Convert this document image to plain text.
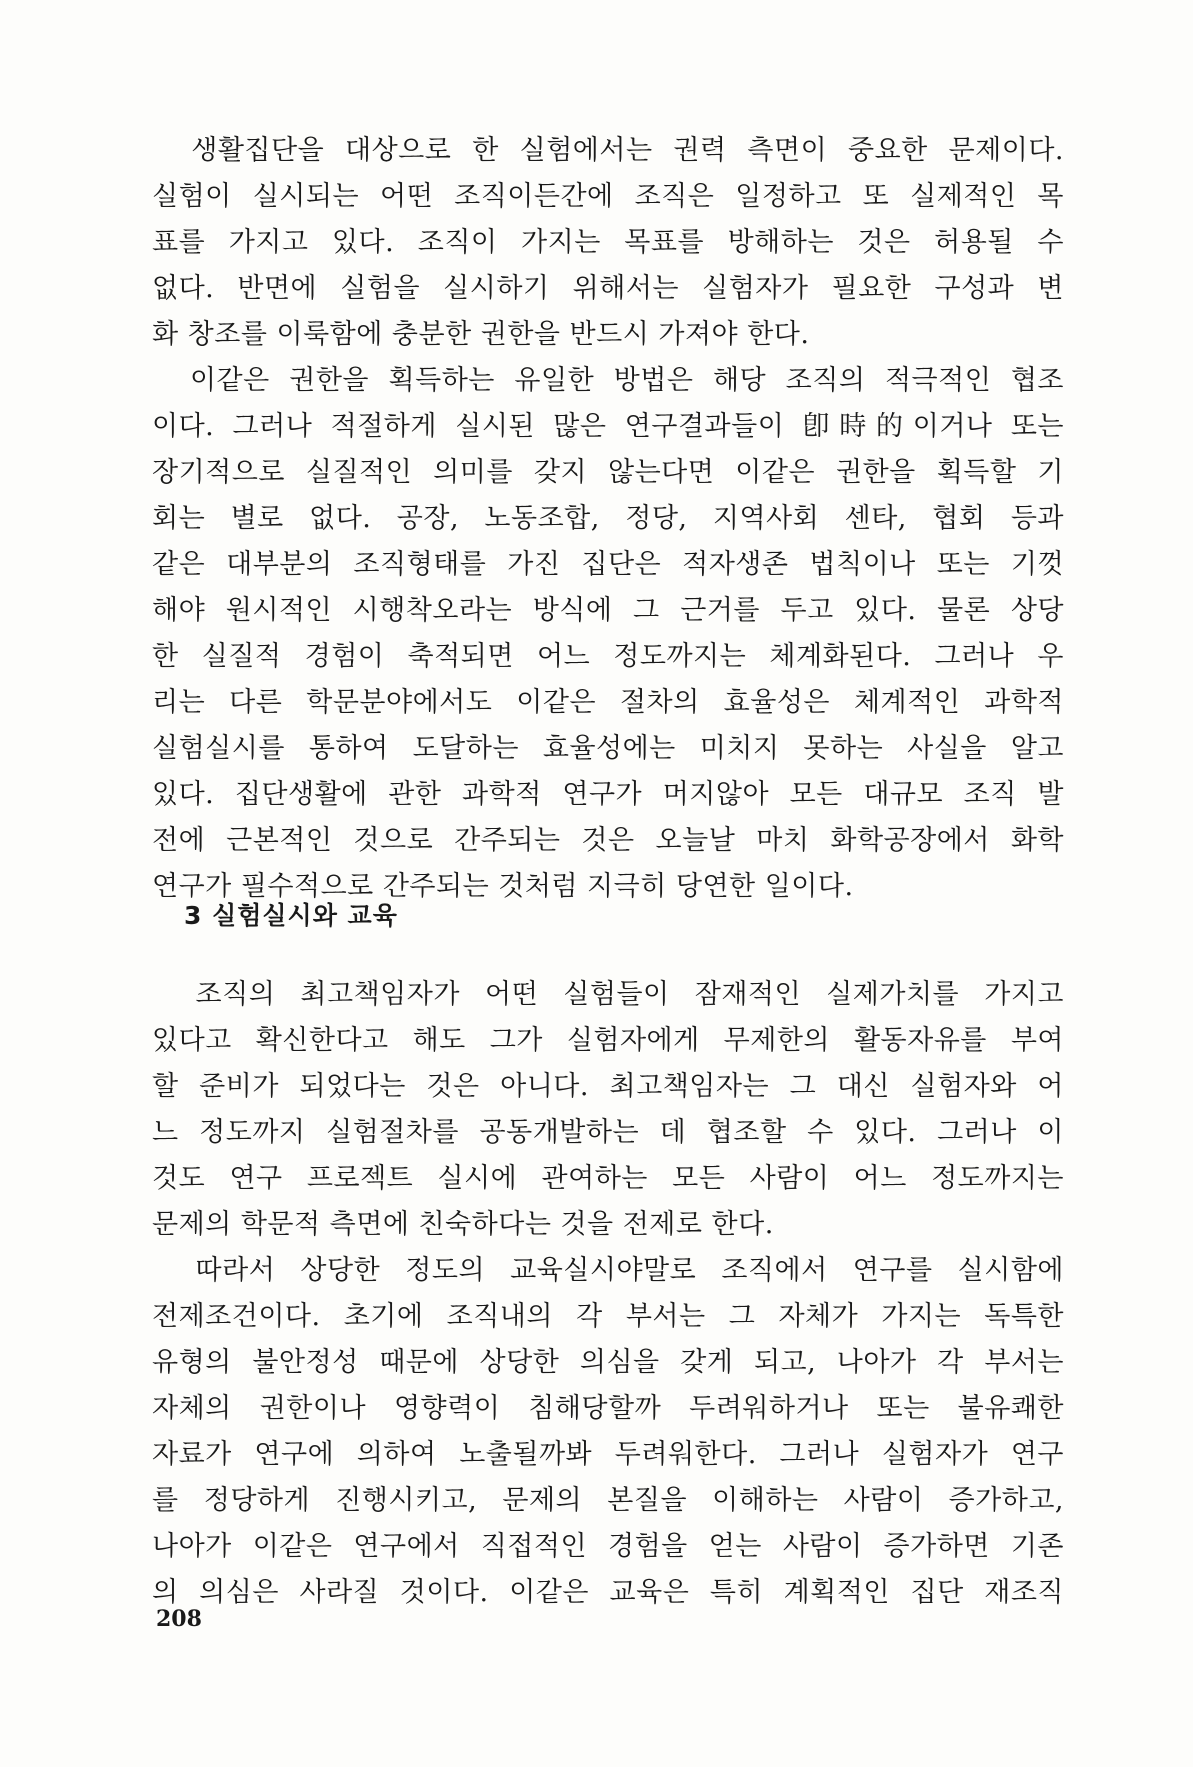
　생활집단을 대상으로 한 실험에서는 권력 측면이 중요한 문제이다.
실험이 실시되는 어떤 조직이든간에 조직은 일정하고 또 실제적인 목
표를 가지고 있다. 조직이 가지는 목표를 방해하는 것은 허용될 수
없다. 반면에 실험을 실시하기 위해서는 실험자가 필요한 구성과 변
화 창조를 이룩함에 충분한 권한을 반드시 가져야 한다.
　이같은 권한을 획득하는 유일한 방법은 해당 조직의 적극적인 협조
이다. 그러나 적절하게 실시된 많은 연구결과들이 卽時的이거나 또는
장기적으로 실질적인 의미를 갖지 않는다면 이같은 권한을 획득할 기
회는 별로 없다. 공장, 노동조합, 정당, 지역사회 센타, 협회 등과
같은 대부분의 조직형태를 가진 집단은 적자생존 법칙이나 또는 기껏
해야 원시적인 시행착오라는 방식에 그 근거를 두고 있다. 물론 상당
한 실질적 경험이 축적되면 어느 정도까지는 체계화된다. 그러나 우
리는 다른 학문분야에서도 이같은 절차의 효율성은 체계적인 과학적
실험실시를 통하여 도달하는 효율성에는 미치지 못하는 사실을 알고
있다. 집단생활에 관한 과학적 연구가 머지않아 모든 대규모 조직 발
전에 근본적인 것으로 간주되는 것은 오늘날 마치 화학공장에서 화학
연구가 필수적으로 간주되는 것처럼 지극히 당연한 일이다.
3 실험실시와 교육
　조직의 최고책임자가 어떤 실험들이 잠재적인 실제가치를 가지고
있다고 확신한다고 해도 그가 실험자에게 무제한의 활동자유를 부여
할 준비가 되었다는 것은 아니다. 최고책임자는 그 대신 실험자와 어
느 정도까지 실험절차를 공동개발하는 데 협조할 수 있다. 그러나 이
것도 연구 프로젝트 실시에 관여하는 모든 사람이 어느 정도까지는
문제의 학문적 측면에 친숙하다는 것을 전제로 한다.
　따라서 상당한 정도의 교육실시야말로 조직에서 연구를 실시함에
전제조건이다. 초기에 조직내의 각 부서는 그 자체가 가지는 독특한
유형의 불안정성 때문에 상당한 의심을 갖게 되고, 나아가 각 부서는
자체의 권한이나 영향력이 침해당할까 두려워하거나 또는 불유쾌한
자료가 연구에 의하여 노출될까봐 두려워한다. 그러나 실험자가 연구
를 정당하게 진행시키고, 문제의 본질을 이해하는 사람이 증가하고,
나아가 이같은 연구에서 직접적인 경험을 얻는 사람이 증가하면 기존
의 의심은 사라질 것이다. 이같은 교육은 특히 계획적인 집단 재조직
208
